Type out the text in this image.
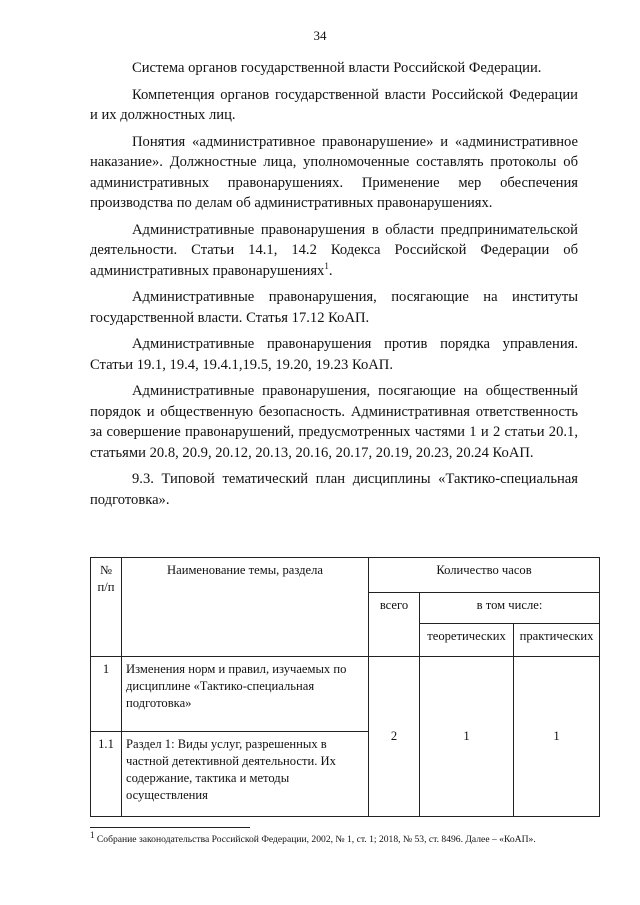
34

Система органов государственной власти Российской Федерации.

Компетенция органов государственной власти Российской Федерации и их должностных лиц.

Понятия «административное правонарушение» и «административное наказание». Должностные лица, уполномоченные составлять протоколы об административных правонарушениях. Применение мер обеспечения производства по делам об административных правонарушениях.

Административные правонарушения в области предпринимательской деятельности. Статьи 14.1, 14.2 Кодекса Российской Федерации об административных правонарушениях$^1$.

Административные правонарушения, посягающие на институты государственной власти. Статья 17.12 КоАП.

Административные правонарушения против порядка управления. Статьи 19.1, 19.4, 19.4.1,19.5, 19.20, 19.23 КоАП.

Административные правонарушения, посягающие на общественный порядок и общественную безопасность. Административная ответственность за совершение правонарушений, предусмотренных частями 1 и 2 статьи 20.1, статьями 20.8, 20.9, 20.12, 20.13, 20.16, 20.17, 20.19, 20.23, 20.24 КоАП.

9.3. Типовой тематический план дисциплины «Тактико-специальная подготовка».

№ п/п	Наименование темы, раздела	Количество часов		
		всего	в том числе:	
			теоретических	практических
1	Изменения норм и правил, изучаемых по дисциплине «Тактико-специальная подготовка»	2	1	1
1.1	Раздел 1: Виды услуг, разрешенных в частной детективной деятельности. Их содержание, тактика и методы осуществления			
$^1$ Собрание законодательства Российской Федерации, 2002, № 1, ст. 1; 2018, № 53, ст. 8496. Далее – «КоАП».
